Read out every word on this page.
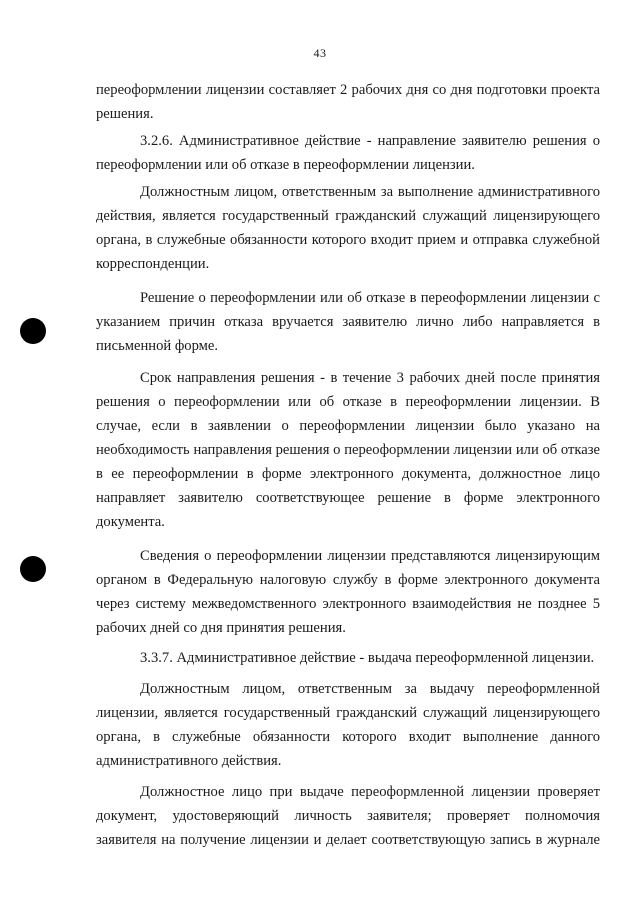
43

переоформлении лицензии составляет 2 рабочих дня со дня подготовки проекта решения.

3.2.6. Административное действие - направление заявителю решения о переоформлении или об отказе в переоформлении лицензии.

Должностным лицом, ответственным за выполнение административного действия, является государственный гражданский служащий лицензирующего органа, в служебные обязанности которого входит прием и отправка служебной корреспонденции.

Решение о переоформлении или об отказе в переоформлении лицензии с указанием причин отказа вручается заявителю лично либо направляется в письменной форме.

Срок направления решения - в течение 3 рабочих дней после принятия решения о переоформлении или об отказе в переоформлении лицензии. В случае, если в заявлении о переоформлении лицензии было указано на необходимость направления решения о переоформлении лицензии или об отказе в ее переоформлении в форме электронного документа, должностное лицо направляет заявителю соответствующее решение в форме электронного документа.

Сведения о переоформлении лицензии представляются лицензирующим органом в Федеральную налоговую службу в форме электронного документа через систему межведомственного электронного взаимодействия не позднее 5 рабочих дней со дня принятия решения.

3.3.7. Административное действие - выдача переоформленной лицензии.

Должностным лицом, ответственным за выдачу переоформленной лицензии, является государственный гражданский служащий лицензирующего органа, в служебные обязанности которого входит выполнение данного административного действия.

Должностное лицо при выдаче переоформленной лицензии проверяет документ, удостоверяющий личность заявителя; проверяет полномочия заявителя на получение лицензии и делает соответствующую запись в журнале
